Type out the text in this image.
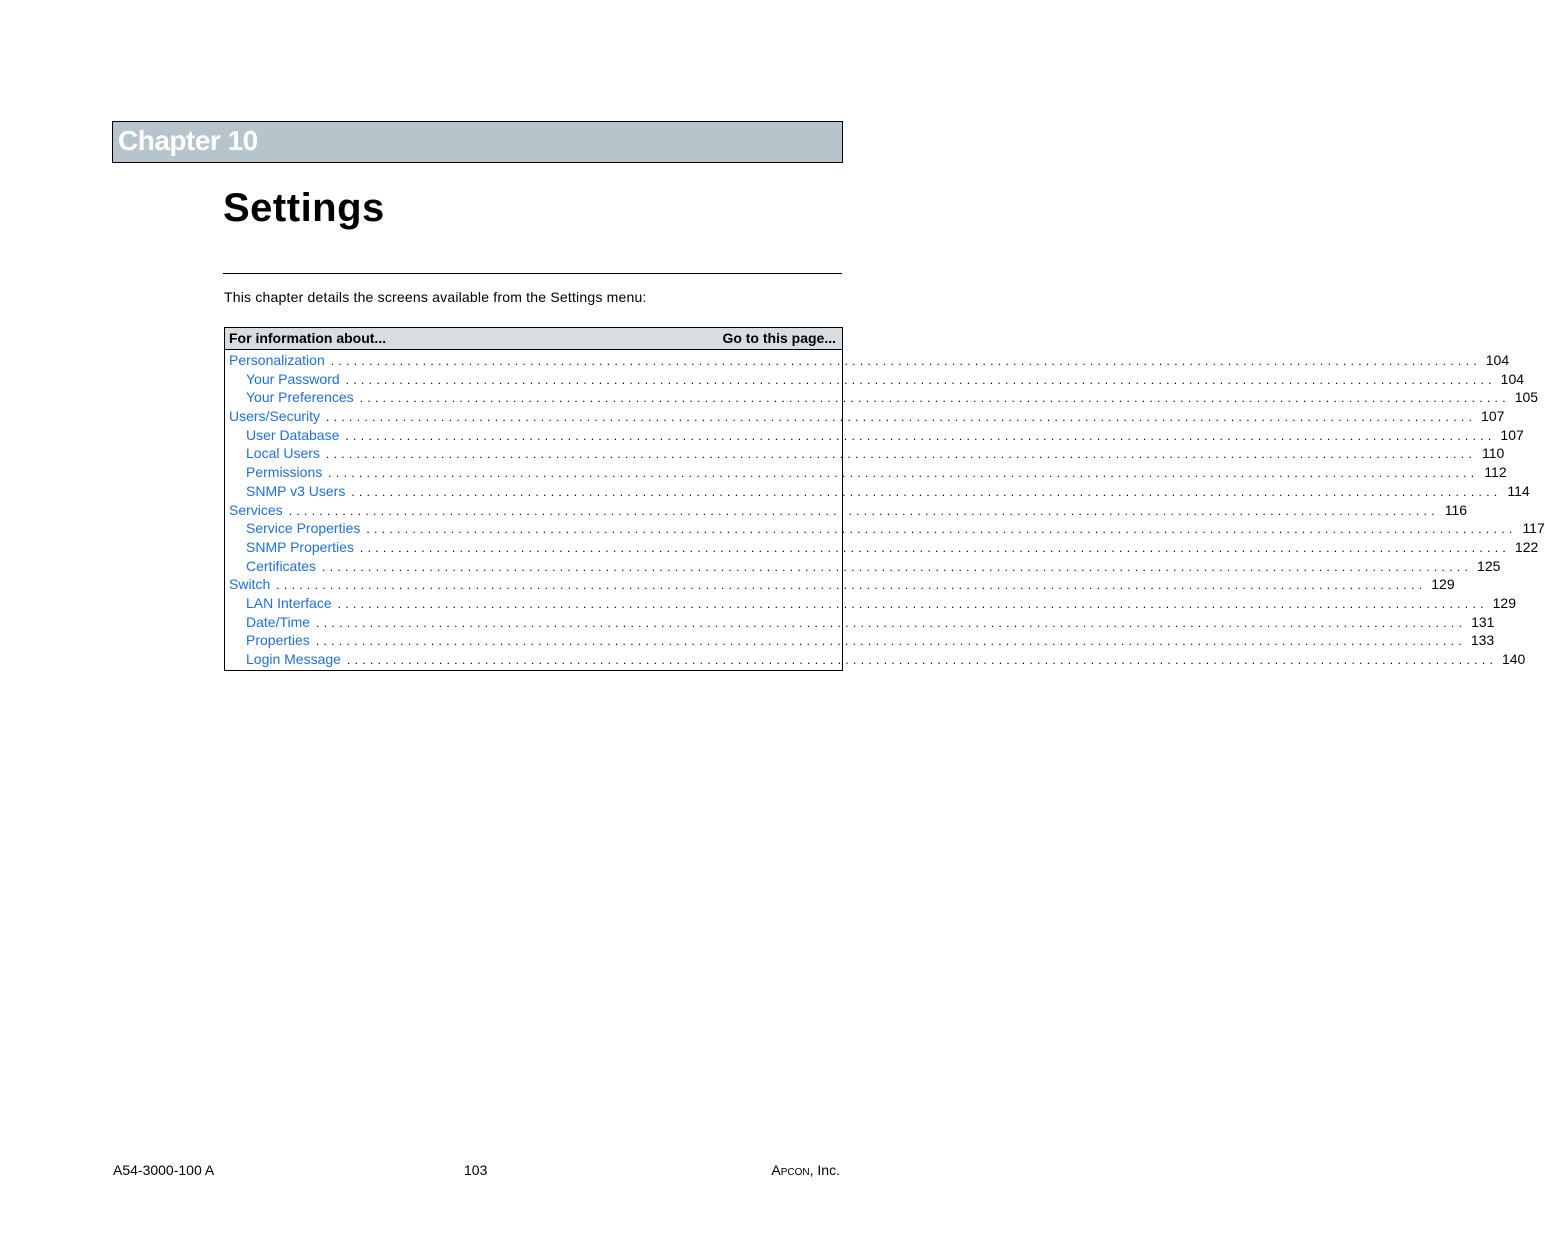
Chapter 10
Settings
This chapter details the screens available from the Settings menu:
For information about...	Go to this page...
Personalization . . . . . . . . . . . . . . . . . . . . . . . . . . . . . . . . . . . . . . . . . . . . . . . . . . . . . . . . . . . . . . . . . . . . . . . . . . . . . . . . . . . . . . . . . . . . . . . . . . . . . . . . . . . . . . . . . . . . . . . . . . . . . . . . . . . . . . . . . . . . . . . . . . . . . . 104
Your Password . . . . . . . . . . . . . . . . . . . . . . . . . . . . . . . . . . . . . . . . . . . . . . . . . . . . . . . . . . . . . . . . . . . . . . . . . . . . . . . . . . . . . . . . . . . . . . . . . . . . . . . . . . . . . . . . . . . . . . . . . . . . . . . . . . . . . . . . . . . . . . . . . . . . . . 104
Your Preferences . . . . . . . . . . . . . . . . . . . . . . . . . . . . . . . . . . . . . . . . . . . . . . . . . . . . . . . . . . . . . . . . . . . . . . . . . . . . . . . . . . . . . . . . . . . . . . . . . . . . . . . . . . . . . . . . . . . . . . . . . . . . . . . . . . . . . . . . . . . . . . . . . . . . . . 105
Users/Security . . . . . . . . . . . . . . . . . . . . . . . . . . . . . . . . . . . . . . . . . . . . . . . . . . . . . . . . . . . . . . . . . . . . . . . . . . . . . . . . . . . . . . . . . . . . . . . . . . . . . . . . . . . . . . . . . . . . . . . . . . . . . . . . . . . . . . . . . . . . . . . . . . . . . . 107
User Database . . . . . . . . . . . . . . . . . . . . . . . . . . . . . . . . . . . . . . . . . . . . . . . . . . . . . . . . . . . . . . . . . . . . . . . . . . . . . . . . . . . . . . . . . . . . . . . . . . . . . . . . . . . . . . . . . . . . . . . . . . . . . . . . . . . . . . . . . . . . . . . . . . . . . . 107
Local Users . . . . . . . . . . . . . . . . . . . . . . . . . . . . . . . . . . . . . . . . . . . . . . . . . . . . . . . . . . . . . . . . . . . . . . . . . . . . . . . . . . . . . . . . . . . . . . . . . . . . . . . . . . . . . . . . . . . . . . . . . . . . . . . . . . . . . . . . . . . . . . . . . . . . . . 110
Permissions . . . . . . . . . . . . . . . . . . . . . . . . . . . . . . . . . . . . . . . . . . . . . . . . . . . . . . . . . . . . . . . . . . . . . . . . . . . . . . . . . . . . . . . . . . . . . . . . . . . . . . . . . . . . . . . . . . . . . . . . . . . . . . . . . . . . . . . . . . . . . . . . . . . . . . 112
SNMP v3 Users . . . . . . . . . . . . . . . . . . . . . . . . . . . . . . . . . . . . . . . . . . . . . . . . . . . . . . . . . . . . . . . . . . . . . . . . . . . . . . . . . . . . . . . . . . . . . . . . . . . . . . . . . . . . . . . . . . . . . . . . . . . . . . . . . . . . . . . . . . . . . . . . . . . . . . 114
Services . . . . . . . . . . . . . . . . . . . . . . . . . . . . . . . . . . . . . . . . . . . . . . . . . . . . . . . . . . . . . . . . . . . . . . . . . . . . . . . . . . . . . . . . . . . . . . . . . . . . . . . . . . . . . . . . . . . . . . . . . . . . . . . . . . . . . . . . . . . . . . . . . . . . . . 116
Service Properties . . . . . . . . . . . . . . . . . . . . . . . . . . . . . . . . . . . . . . . . . . . . . . . . . . . . . . . . . . . . . . . . . . . . . . . . . . . . . . . . . . . . . . . . . . . . . . . . . . . . . . . . . . . . . . . . . . . . . . . . . . . . . . . . . . . . . . . . . . . . . . . . . . . . . . 117
SNMP Properties . . . . . . . . . . . . . . . . . . . . . . . . . . . . . . . . . . . . . . . . . . . . . . . . . . . . . . . . . . . . . . . . . . . . . . . . . . . . . . . . . . . . . . . . . . . . . . . . . . . . . . . . . . . . . . . . . . . . . . . . . . . . . . . . . . . . . . . . . . . . . . . . . . . . . . 122
Certificates . . . . . . . . . . . . . . . . . . . . . . . . . . . . . . . . . . . . . . . . . . . . . . . . . . . . . . . . . . . . . . . . . . . . . . . . . . . . . . . . . . . . . . . . . . . . . . . . . . . . . . . . . . . . . . . . . . . . . . . . . . . . . . . . . . . . . . . . . . . . . . . . . . . . . . 125
Switch . . . . . . . . . . . . . . . . . . . . . . . . . . . . . . . . . . . . . . . . . . . . . . . . . . . . . . . . . . . . . . . . . . . . . . . . . . . . . . . . . . . . . . . . . . . . . . . . . . . . . . . . . . . . . . . . . . . . . . . . . . . . . . . . . . . . . . . . . . . . . . . . . . . . . . 129
LAN Interface . . . . . . . . . . . . . . . . . . . . . . . . . . . . . . . . . . . . . . . . . . . . . . . . . . . . . . . . . . . . . . . . . . . . . . . . . . . . . . . . . . . . . . . . . . . . . . . . . . . . . . . . . . . . . . . . . . . . . . . . . . . . . . . . . . . . . . . . . . . . . . . . . . . . . . 129
Date/Time . . . . . . . . . . . . . . . . . . . . . . . . . . . . . . . . . . . . . . . . . . . . . . . . . . . . . . . . . . . . . . . . . . . . . . . . . . . . . . . . . . . . . . . . . . . . . . . . . . . . . . . . . . . . . . . . . . . . . . . . . . . . . . . . . . . . . . . . . . . . . . . . . . . . . . 131
Properties . . . . . . . . . . . . . . . . . . . . . . . . . . . . . . . . . . . . . . . . . . . . . . . . . . . . . . . . . . . . . . . . . . . . . . . . . . . . . . . . . . . . . . . . . . . . . . . . . . . . . . . . . . . . . . . . . . . . . . . . . . . . . . . . . . . . . . . . . . . . . . . . . . . . . . 133
Login Message . . . . . . . . . . . . . . . . . . . . . . . . . . . . . . . . . . . . . . . . . . . . . . . . . . . . . . . . . . . . . . . . . . . . . . . . . . . . . . . . . . . . . . . . . . . . . . . . . . . . . . . . . . . . . . . . . . . . . . . . . . . . . . . . . . . . . . . . . . . . . . . . . . . . . . 140
A54-3000-100 A	103	APCON, Inc.
